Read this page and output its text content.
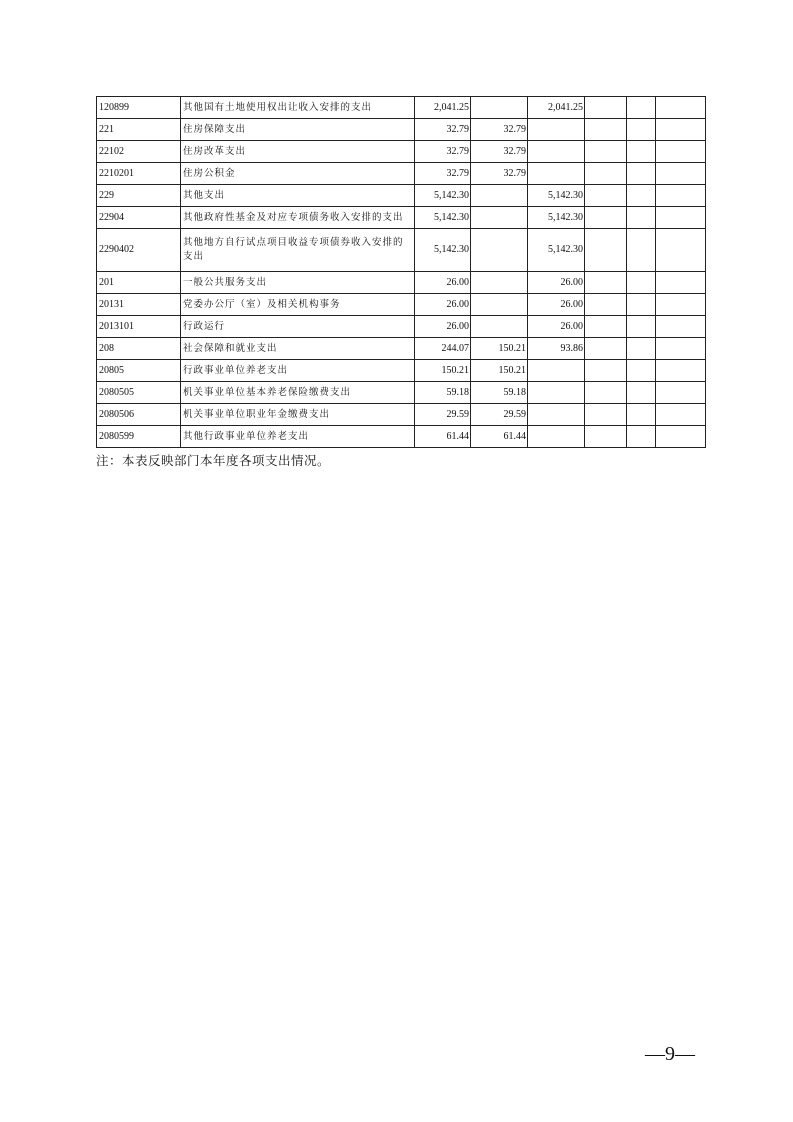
120899	其他国有土地使用权出让收入安排的支出	2,041.25		2,041.25			
221	住房保障支出	32.79	32.79				
22102	住房改革支出	32.79	32.79				
2210201	住房公积金	32.79	32.79				
229	其他支出	5,142.30		5,142.30			
22904	其他政府性基金及对应专项债务收入安排的支出	5,142.30		5,142.30			
2290402	其他地方自行试点项目收益专项债券收入安排的支出	5,142.30		5,142.30			
201	一般公共服务支出	26.00		26.00			
20131	党委办公厅（室）及相关机构事务	26.00		26.00			
2013101	行政运行	26.00		26.00			
208	社会保障和就业支出	244.07	150.21	93.86			
20805	行政事业单位养老支出	150.21	150.21				
2080505	机关事业单位基本养老保险缴费支出	59.18	59.18				
2080506	机关事业单位职业年金缴费支出	29.59	29.59				
2080599	其他行政事业单位养老支出	61.44	61.44				
注：本表反映部门本年度各项支出情况。
—9—
